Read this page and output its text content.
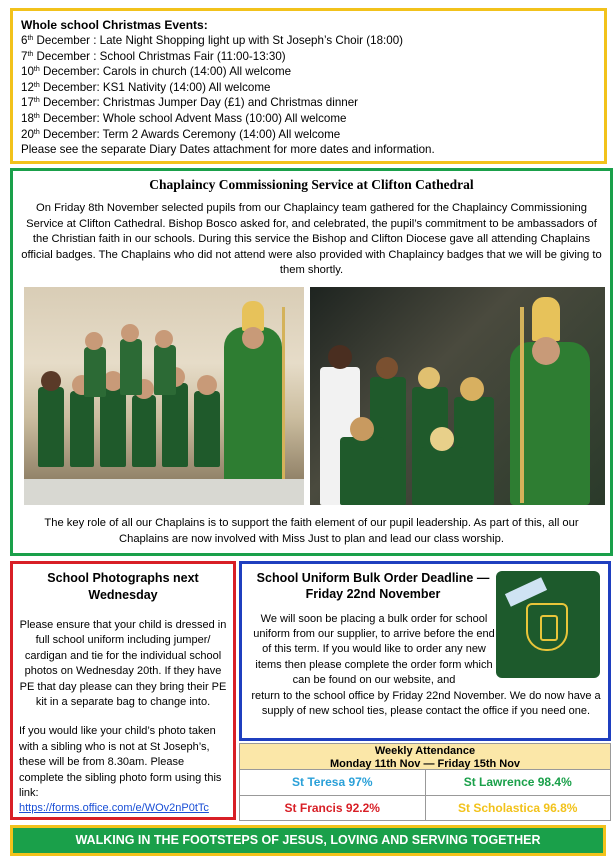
Whole school Christmas Events:
6th December : Late Night Shopping light up with St Joseph’s Choir (18:00)
7th December : School Christmas Fair (11:00-13:30)
10th December: Carols in church (14:00) All welcome
12th December: KS1 Nativity (14:00) All welcome
17th December: Christmas Jumper Day (£1) and Christmas dinner
18th December: Whole school Advent Mass (10:00) All welcome
20th December: Term 2 Awards Ceremony (14:00) All welcome
Please see the separate Diary Dates attachment for more dates and information.
Chaplaincy Commissioning Service at Clifton Cathedral
On Friday 8th November selected pupils from our Chaplaincy team gathered for the Chaplaincy Commissioning Service at Clifton Cathedral. Bishop Bosco asked for, and celebrated, the pupil’s commitment to be ambassadors of the Christian faith in our schools. During this service the Bishop and Clifton Diocese gave all attending Chaplains official badges. The Chaplains who did not attend were also provided with Chaplaincy badges that we will be giving to them shortly.
The key role of all our Chaplains is to support the faith element of our pupil leadership. As part of this, all our Chaplains are now involved with Miss Just to plan and lead our class worship.
School Photographs next Wednesday
Please ensure that your child is dressed in full school uniform including jumper/ cardigan and tie for the individual school photos on Wednesday 20th. If they have PE that day please can they bring their PE kit in a separate bag to change into.
If you would like your child’s photo taken with a sibling who is not at St Joseph’s, these will be from 8.30am. Please complete the sibling photo form using this link:
https://forms.office.com/e/WOv2nP0tTc
School Uniform Bulk Order Deadline — Friday 22nd November
We will soon be placing a bulk order for school uniform from our supplier, to arrive before the end of this term. If you would like to order any new items then please complete the order form which can be found on our website, and
return to the school office by Friday 22nd November. We do now have a supply of new school ties, please contact the office if you need one.
Weekly Attendance
Monday 11th Nov — Friday 15th Nov
St Teresa 97%	St Lawrence 98.4%
St Francis 92.2%	St Scholastica 96.8%
WALKING IN THE FOOTSTEPS OF JESUS, LOVING AND SERVING TOGETHER
